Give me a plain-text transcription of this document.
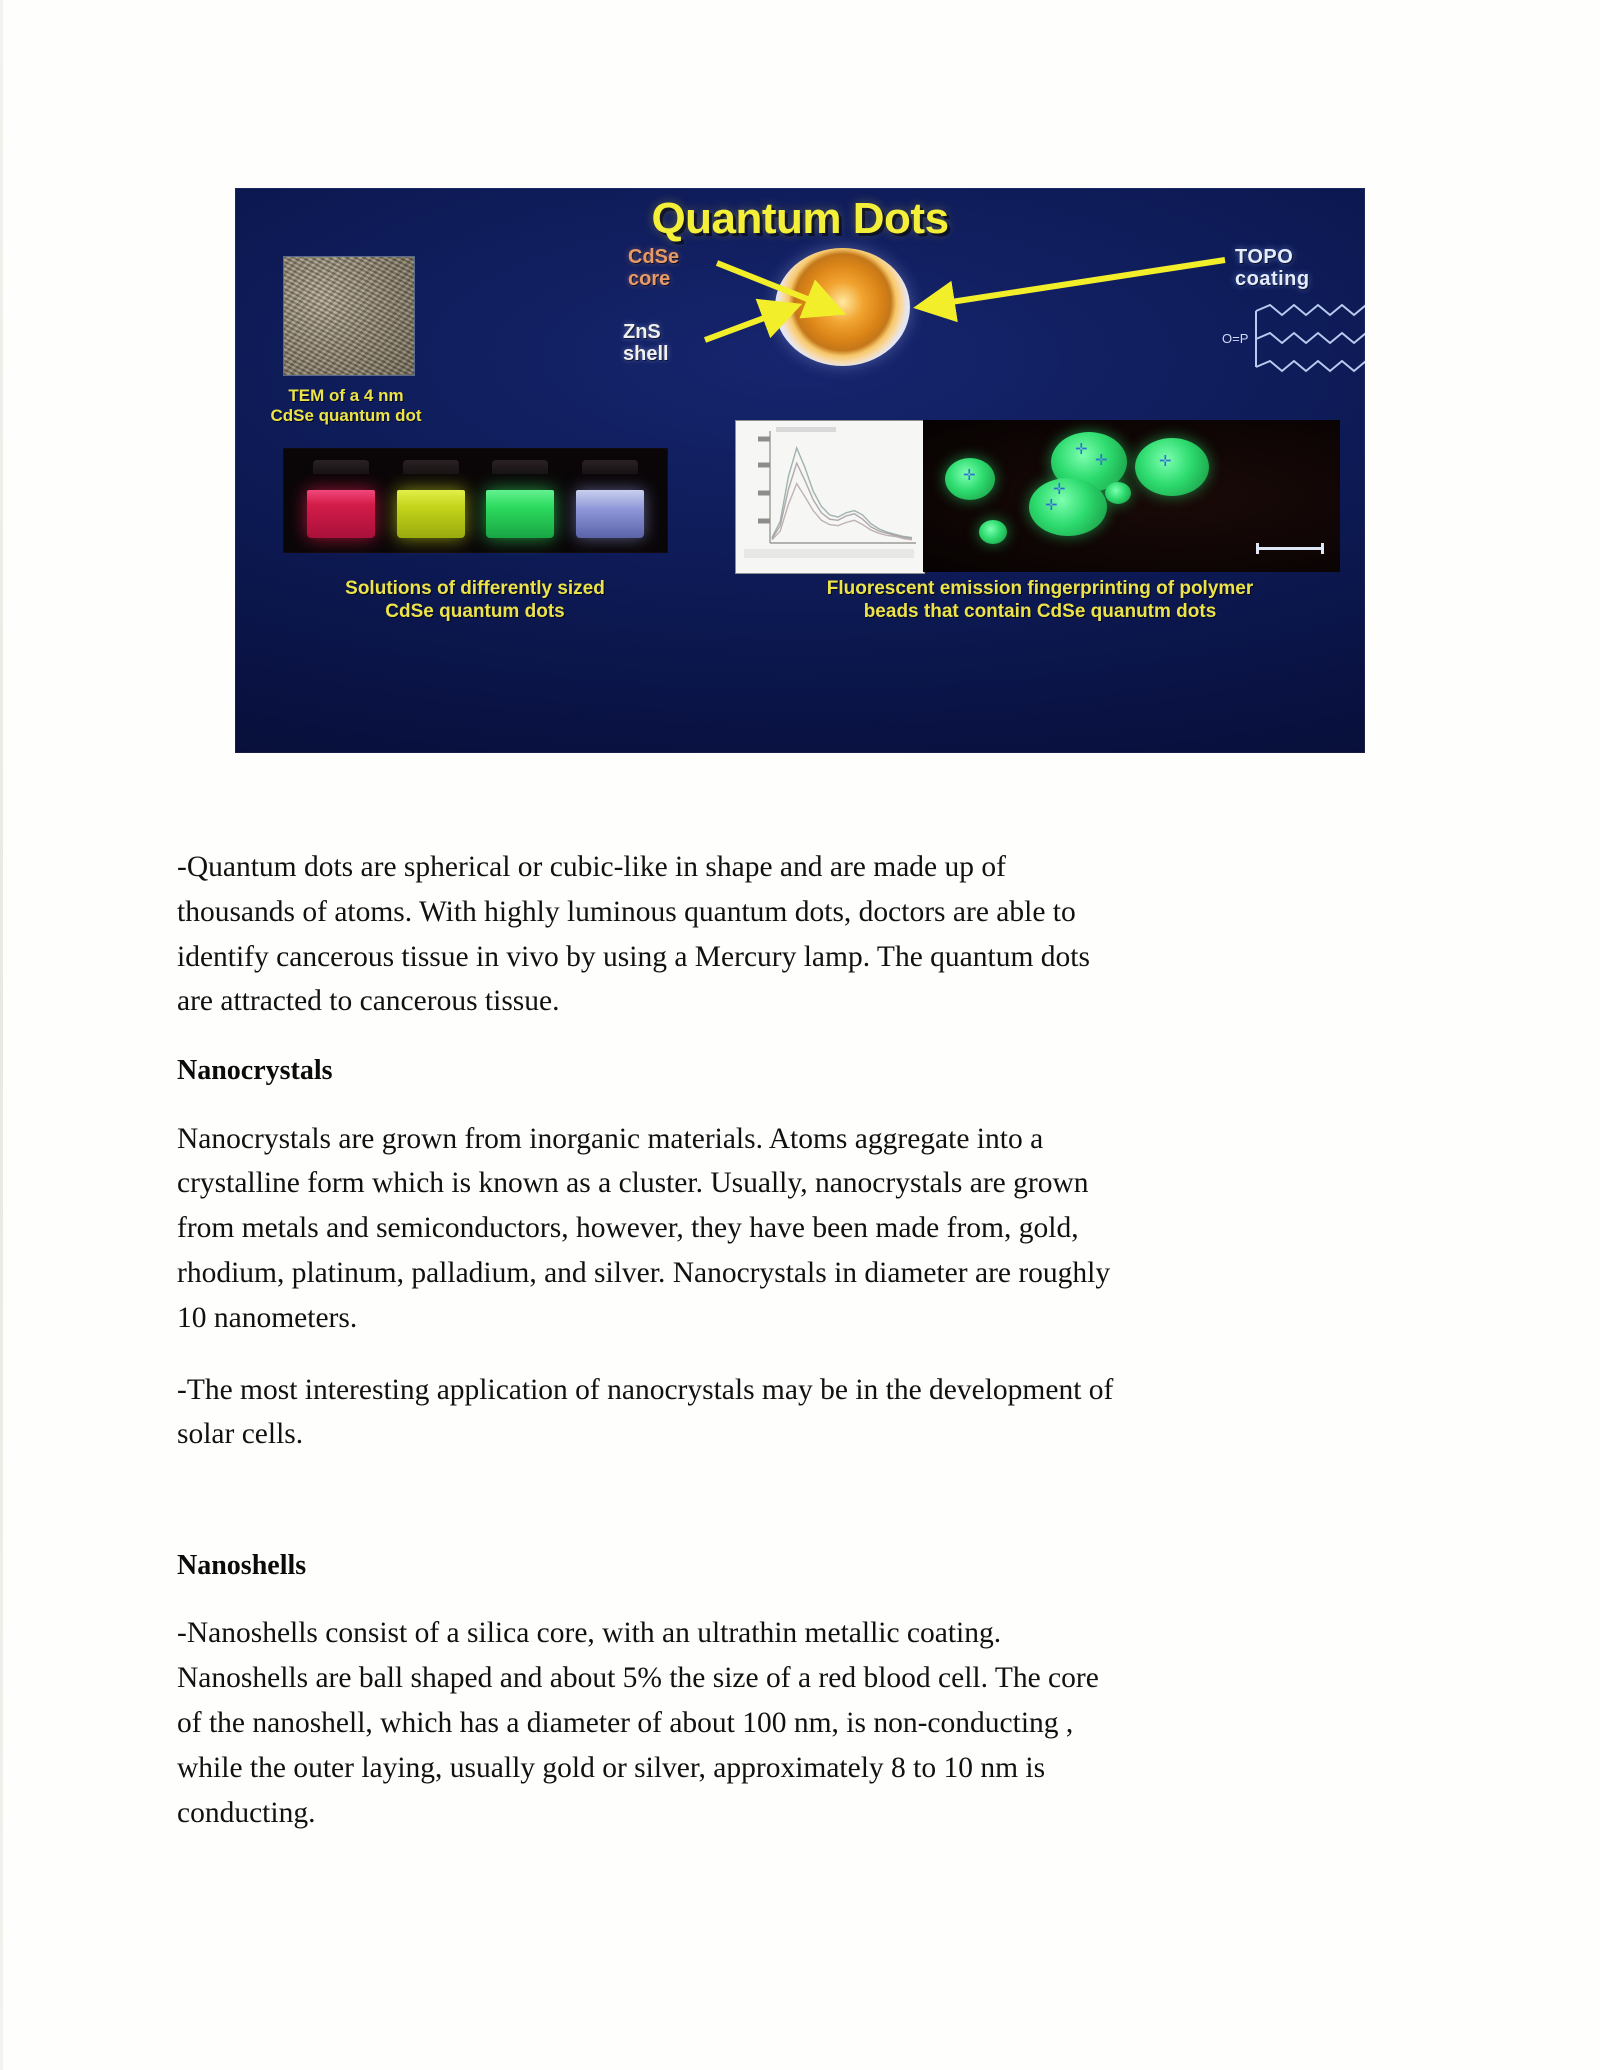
Quantum Dots
TEM of a 4 nm
CdSe quantum dot
CdSe
core
ZnS
shell
TOPO coating
O=P
Solutions of differently sized
CdSe quantum dots
✛
✛	✛
✛
✛
✛
Fluorescent emission fingerprinting of polymer
beads that contain CdSe quanutm dots

-Quantum dots are spherical or cubic-like in shape and are made up of thousands of atoms. With highly luminous quantum dots, doctors are able to identify cancerous tissue in vivo by using a Mercury lamp. The quantum dots are attracted to cancerous tissue.

Nanocrystals

Nanocrystals are grown from inorganic materials. Atoms aggregate into a crystalline form which is known as a cluster. Usually, nanocrystals are grown from metals and semiconductors, however, they have been made from, gold, rhodium, platinum, palladium, and silver. Nanocrystals in diameter are roughly 10 nanometers.

-The most interesting application of nanocrystals may be in the development of solar cells.

Nanoshells

-Nanoshells consist of a silica core, with an ultrathin metallic coating. Nanoshells are ball shaped and about 5% the size of a red blood cell. The core of the nanoshell, which has a diameter of about 100 nm, is non-conducting , while the outer laying, usually gold or silver, approximately 8 to 10 nm is conducting.
